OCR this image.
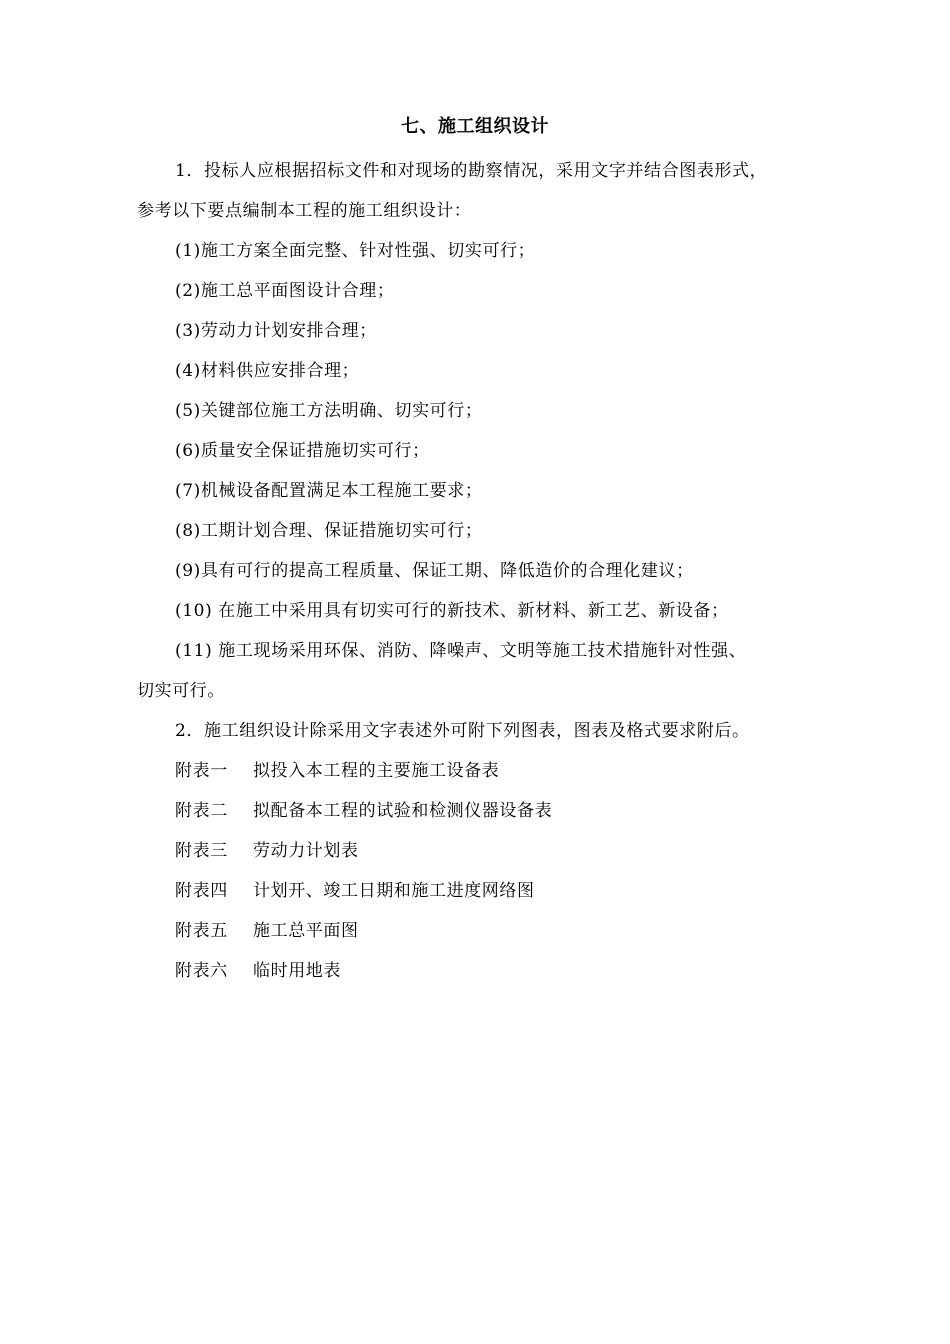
七、施工组织设计
1．投标人应根据招标文件和对现场的勘察情况，采用文字并结合图表形式，
参考以下要点编制本工程的施工组织设计：
(1)施工方案全面完整、针对性强、切实可行；
(2)施工总平面图设计合理；
(3)劳动力计划安排合理；
(4)材料供应安排合理；
(5)关键部位施工方法明确、切实可行；
(6)质量安全保证措施切实可行；
(7)机械设备配置满足本工程施工要求；
(8)工期计划合理、保证措施切实可行；
(9)具有可行的提高工程质量、保证工期、降低造价的合理化建议；
(10) 在施工中采用具有切实可行的新技术、新材料、新工艺、新设备；
(11) 施工现场采用环保、消防、降噪声、文明等施工技术措施针对性强、
切实可行。
2．施工组织设计除采用文字表述外可附下列图表，图表及格式要求附后。
附表一 拟投入本工程的主要施工设备表
附表二 拟配备本工程的试验和检测仪器设备表
附表三 劳动力计划表
附表四 计划开、竣工日期和施工进度网络图
附表五 施工总平面图
附表六 临时用地表
